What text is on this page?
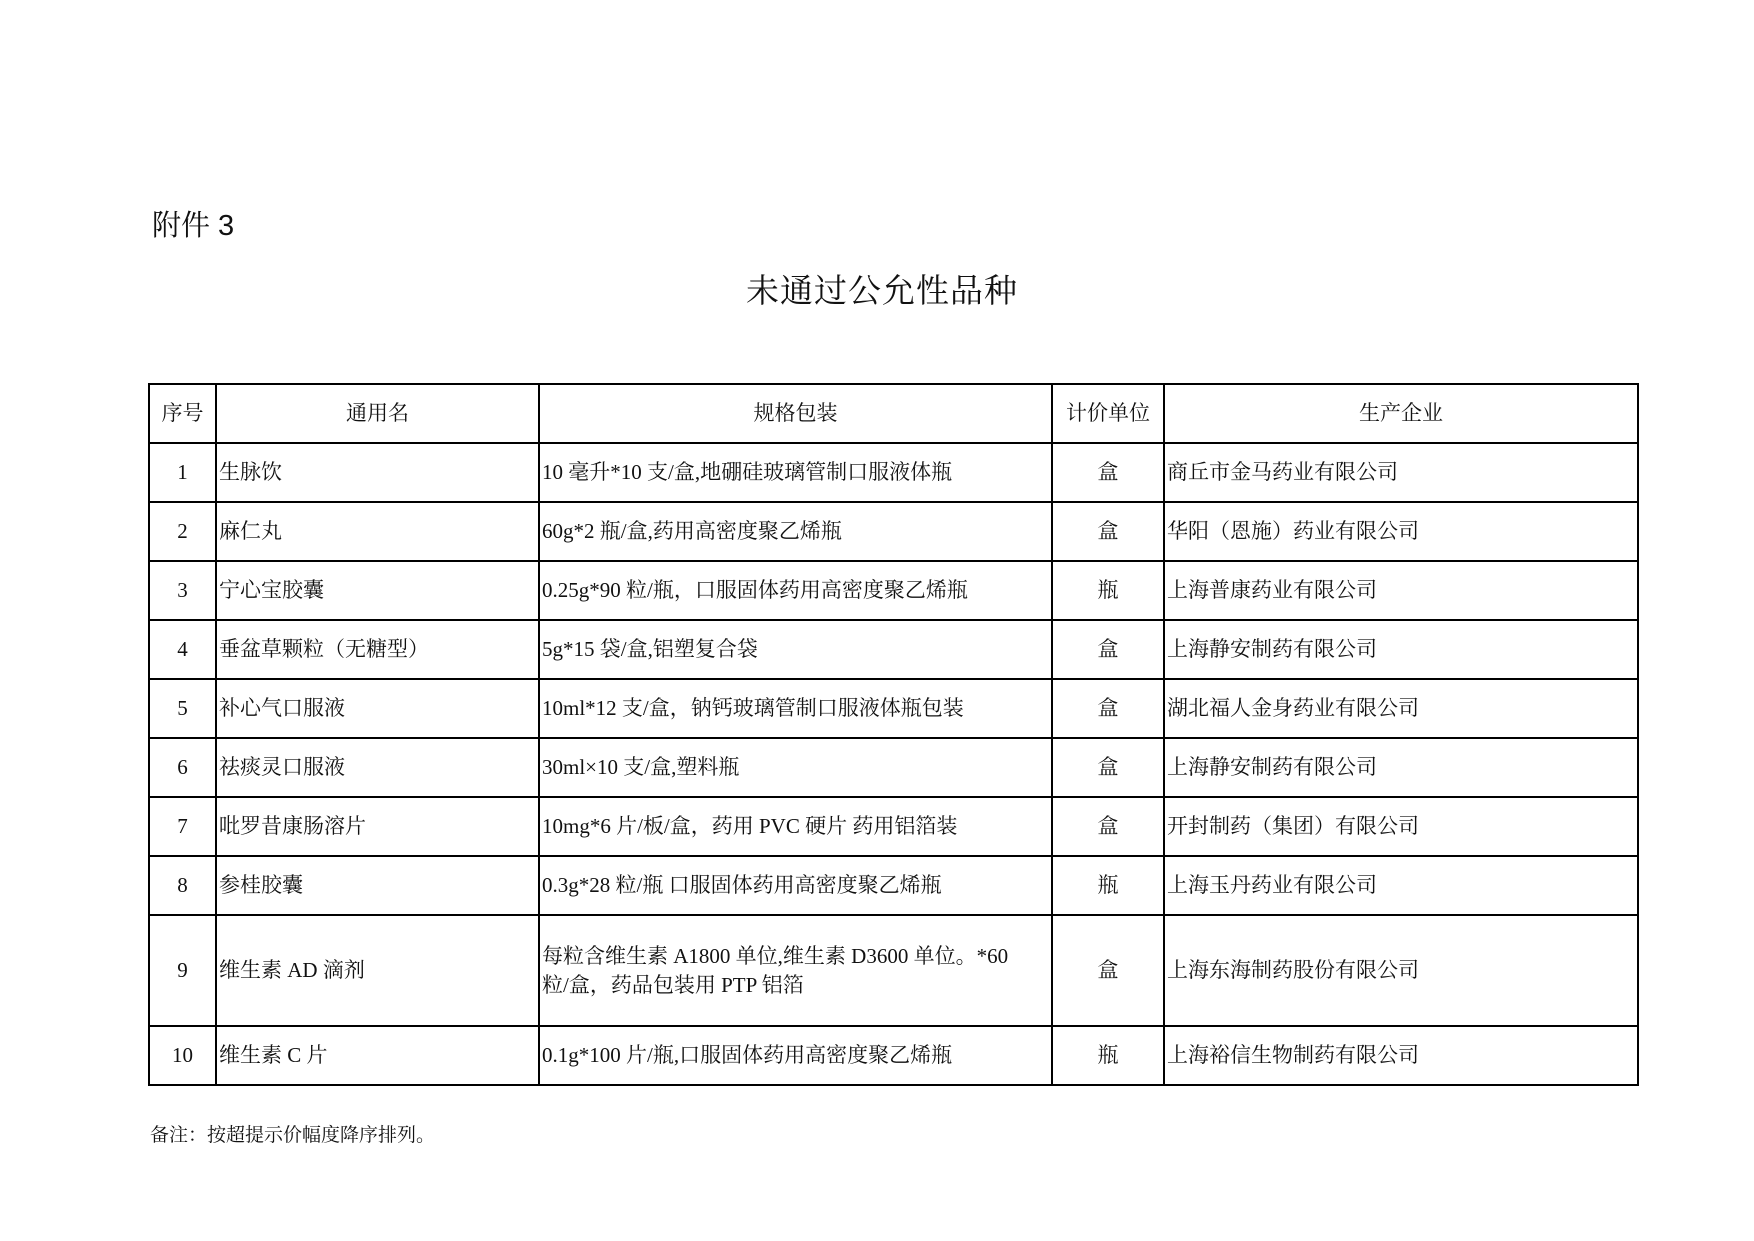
附件 3
未通过公允性品种
序号	通用名	规格包装	计价单位	生产企业
1	生脉饮	10 毫升*10 支/盒,地硼硅玻璃管制口服液体瓶	盒	商丘市金马药业有限公司
2	麻仁丸	60g*2 瓶/盒,药用高密度聚乙烯瓶	盒	华阳（恩施）药业有限公司
3	宁心宝胶囊	0.25g*90 粒/瓶，口服固体药用高密度聚乙烯瓶	瓶	上海普康药业有限公司
4	垂盆草颗粒（无糖型）	5g*15 袋/盒,铝塑复合袋	盒	上海静安制药有限公司
5	补心气口服液	10ml*12 支/盒，钠钙玻璃管制口服液体瓶包装	盒	湖北福人金身药业有限公司
6	祛痰灵口服液	30ml×10 支/盒,塑料瓶	盒	上海静安制药有限公司
7	吡罗昔康肠溶片	10mg*6 片/板/盒，药用 PVC 硬片 药用铝箔装	盒	开封制药（集团）有限公司
8	参桂胶囊	0.3g*28 粒/瓶 口服固体药用高密度聚乙烯瓶	瓶	上海玉丹药业有限公司
9	维生素 AD 滴剂	每粒含维生素 A1800 单位,维生素 D3600 单位。*60
粒/盒，药品包装用 PTP 铝箔	盒	上海东海制药股份有限公司
10	维生素 C 片	0.1g*100 片/瓶,口服固体药用高密度聚乙烯瓶	瓶	上海裕信生物制药有限公司
备注：按超提示价幅度降序排列。
